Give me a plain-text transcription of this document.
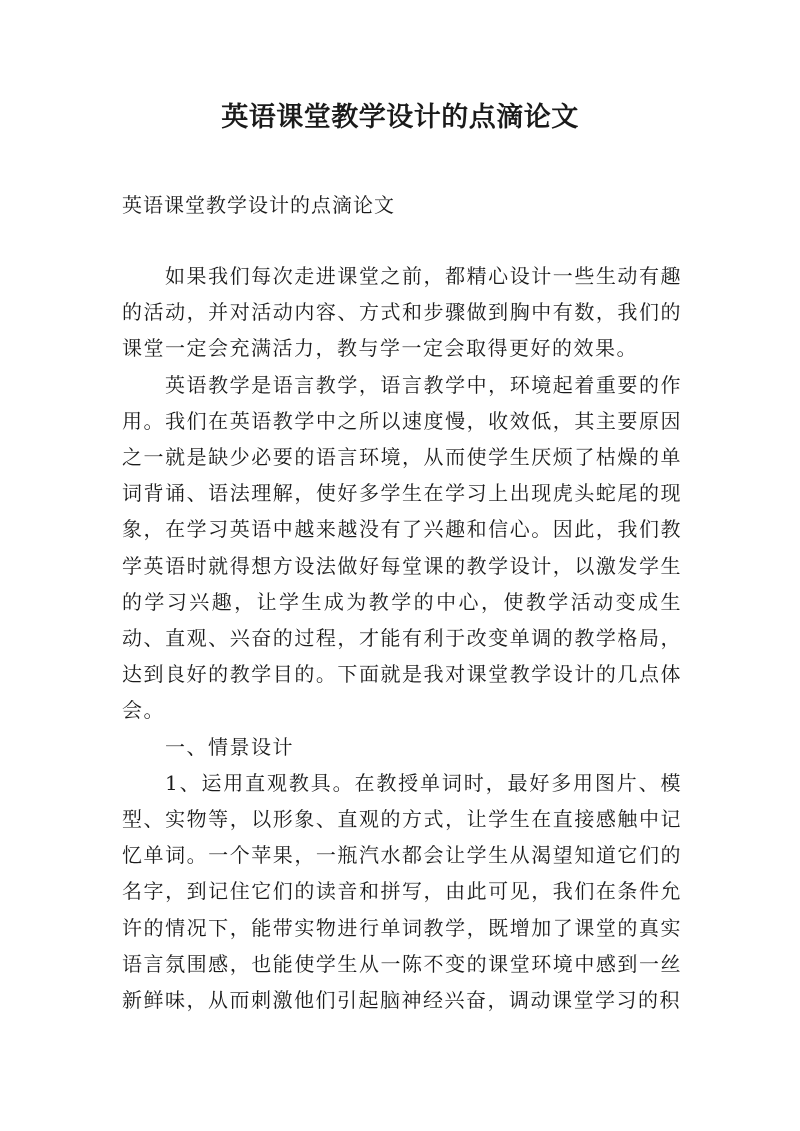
英语课堂教学设计的点滴论文

英语课堂教学设计的点滴论文

如果我们每次走进课堂之前，都精心设计一些生动有趣的活动，并对活动内容、方式和步骤做到胸中有数，我们的课堂一定会充满活力，教与学一定会取得更好的效果。

英语教学是语言教学，语言教学中，环境起着重要的作用。我们在英语教学中之所以速度慢，收效低，其主要原因之一就是缺少必要的语言环境，从而使学生厌烦了枯燥的单词背诵、语法理解，使好多学生在学习上出现虎头蛇尾的现象，在学习英语中越来越没有了兴趣和信心。因此，我们教学英语时就得想方设法做好每堂课的教学设计，以激发学生的学习兴趣，让学生成为教学的中心，使教学活动变成生动、直观、兴奋的过程，才能有利于改变单调的教学格局，达到良好的教学目的。下面就是我对课堂教学设计的几点体会。

一、情景设计

1、运用直观教具。在教授单词时，最好多用图片、模型、实物等，以形象、直观的方式，让学生在直接感触中记忆单词。一个苹果，一瓶汽水都会让学生从渴望知道它们的名字，到记住它们的读音和拼写，由此可见，我们在条件允许的情况下，能带实物进行单词教学，既增加了课堂的真实语言氛围感，也能使学生从一陈不变的课堂环境中感到一丝新鲜味，从而刺激他们引起脑神经兴奋，调动课堂学习的积
